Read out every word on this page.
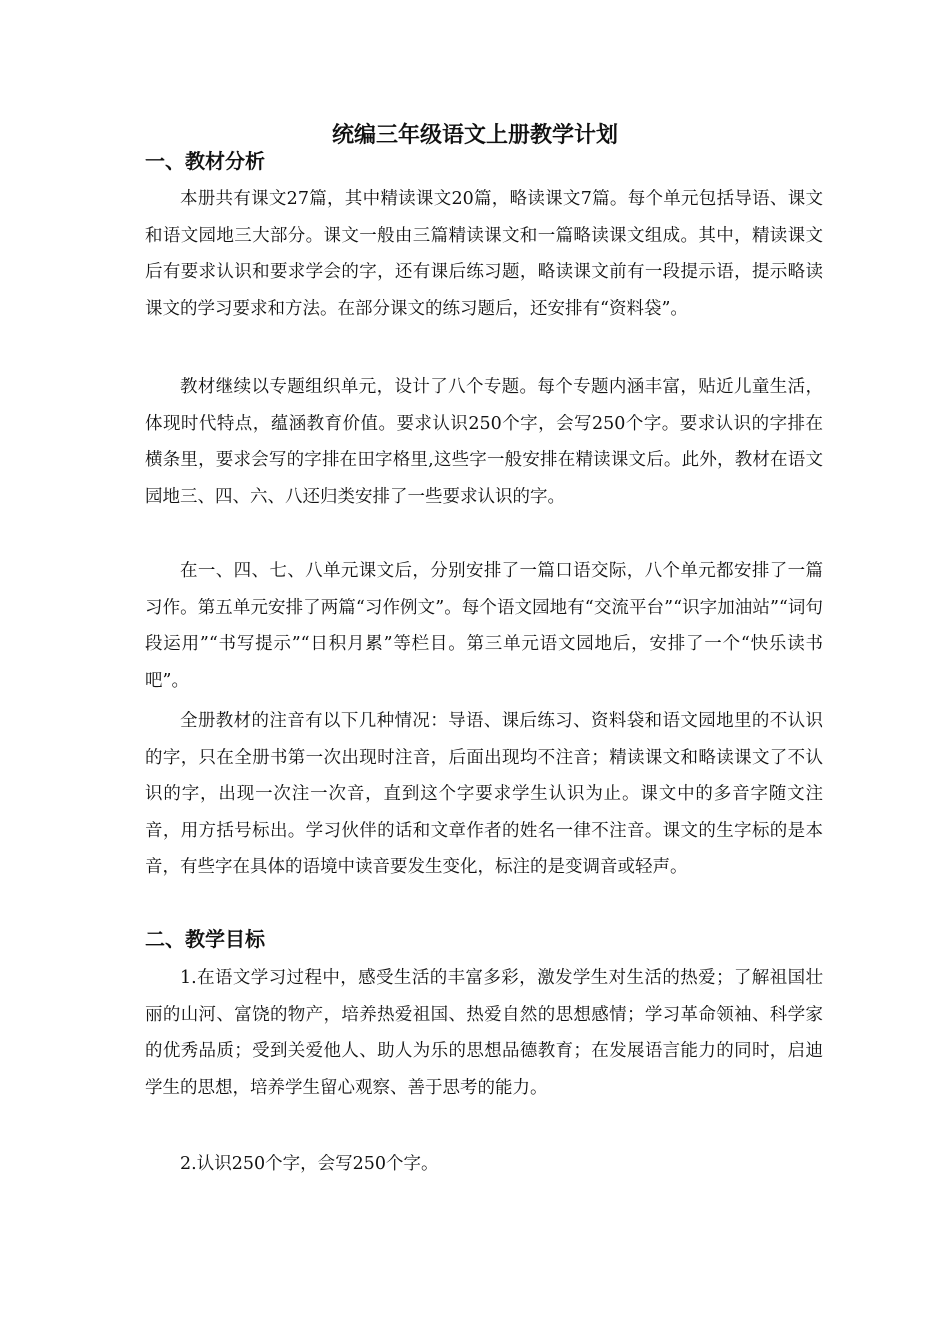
统编三年级语文上册教学计划
一、教材分析

本册共有课文27篇，其中精读课文20篇，略读课文7篇。每个单元包括导语、课文和语文园地三大部分。课文一般由三篇精读课文和一篇略读课文组成。其中，精读课文后有要求认识和要求学会的字，还有课后练习题，略读课文前有一段提示语，提示略读课文的学习要求和方法。在部分课文的练习题后，还安排有“资料袋”。

教材继续以专题组织单元，设计了八个专题。每个专题内涵丰富，贴近儿童生活，体现时代特点，蕴涵教育价值。要求认识250个字，会写250个字。要求认识的字排在横条里，要求会写的字排在田字格里,这些字一般安排在精读课文后。此外，教材在语文园地三、四、六、八还归类安排了一些要求认识的字。

在一、四、七、八单元课文后，分别安排了一篇口语交际，八个单元都安排了一篇习作。第五单元安排了两篇“习作例文”。每个语文园地有“交流平台”“识字加油站”“词句段运用”“书写提示”“日积月累”等栏目。第三单元语文园地后，安排了一个“快乐读书吧”。

全册教材的注音有以下几种情况：导语、课后练习、资料袋和语文园地里的不认识的字，只在全册书第一次出现时注音，后面出现均不注音；精读课文和略读课文了不认识的字，出现一次注一次音，直到这个字要求学生认识为止。课文中的多音字随文注音，用方括号标出。学习伙伴的话和文章作者的姓名一律不注音。课文的生字标的是本音，有些字在具体的语境中读音要发生变化，标注的是变调音或轻声。

二、教学目标

1.在语文学习过程中，感受生活的丰富多彩，激发学生对生活的热爱；了解祖国壮丽的山河、富饶的物产，培养热爱祖国、热爱自然的思想感情；学习革命领袖、科学家的优秀品质；受到关爱他人、助人为乐的思想品德教育；在发展语言能力的同时，启迪学生的思想，培养学生留心观察、善于思考的能力。

2.认识250个字，会写250个字。
